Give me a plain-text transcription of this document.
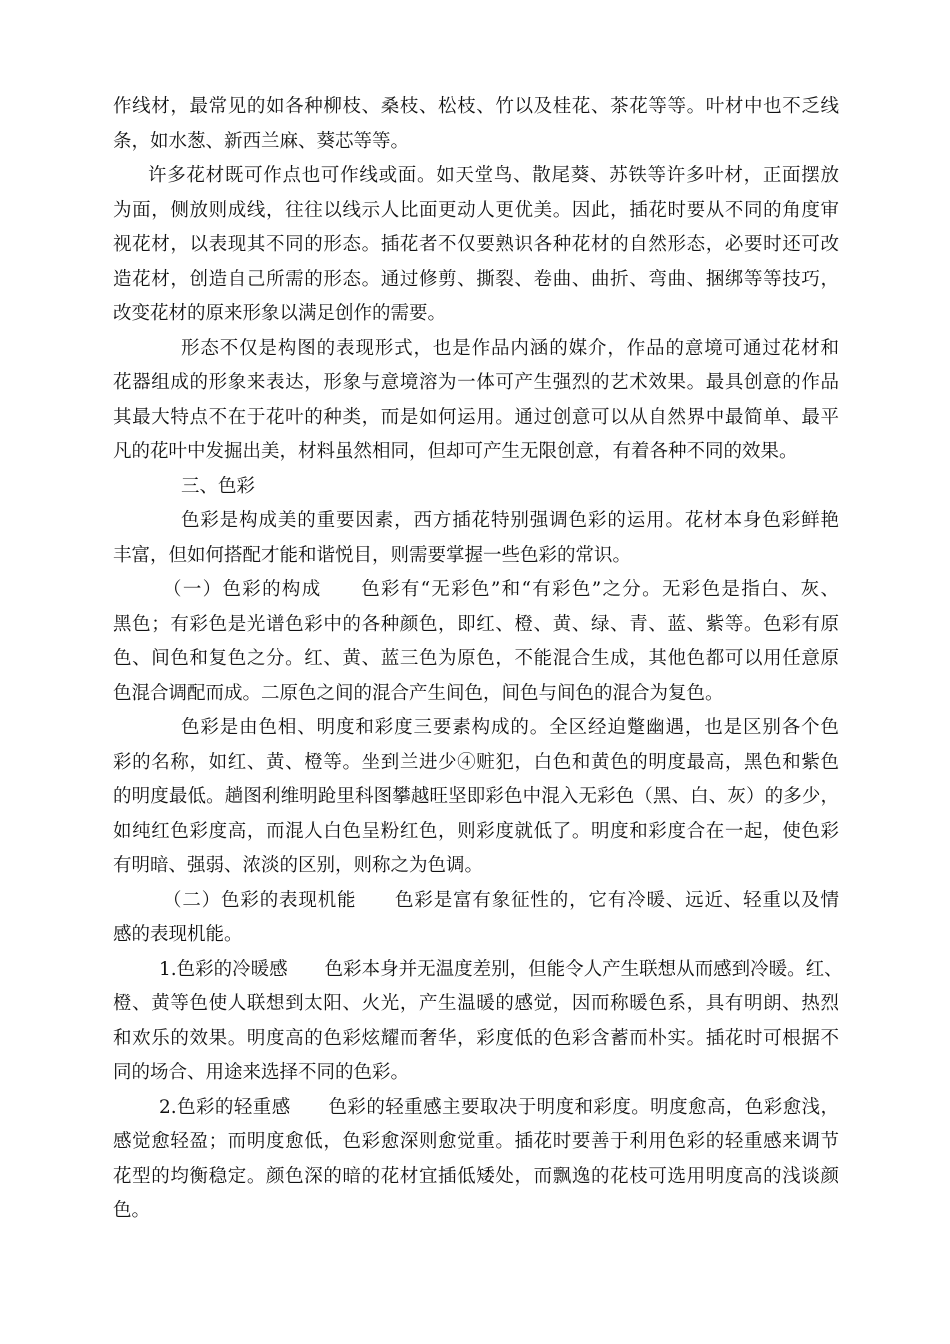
作线材，最常见的如各种柳枝、桑枝、松枝、竹以及桂花、茶花等等。叶材中也不乏线
条，如水葱、新西兰麻、葵芯等等。
许多花材既可作点也可作线或面。如天堂鸟、散尾葵、苏铁等许多叶材，正面摆放
为面，侧放则成线，往往以线示人比面更动人更优美。因此，插花时要从不同的角度审
视花材，以表现其不同的形态。插花者不仅要熟识各种花材的自然形态，必要时还可改
造花材，创造自己所需的形态。通过修剪、撕裂、卷曲、曲折、弯曲、捆绑等等技巧，
改变花材的原来形象以满足创作的需要。
形态不仅是构图的表现形式，也是作品内涵的媒介，作品的意境可通过花材和
花器组成的形象来表达，形象与意境溶为一体可产生强烈的艺术效果。最具创意的作品
其最大特点不在于花叶的种类，而是如何运用。通过创意可以从自然界中最简单、最平
凡的花叶中发掘出美，材料虽然相同，但却可产生无限创意，有着各种不同的效果。
三、色彩
色彩是构成美的重要因素，西方插花特别强调色彩的运用。花材本身色彩鲜艳
丰富，但如何搭配才能和谐悦目，则需要掌握一些色彩的常识。
（一）色彩的构成　　色彩有“无彩色”和“有彩色”之分。无彩色是指白、灰、
黑色；有彩色是光谱色彩中的各种颜色，即红、橙、黄、绿、青、蓝、紫等。色彩有原
色、间色和复色之分。红、黄、蓝三色为原色，不能混合生成，其他色都可以用任意原
色混合调配而成。二原色之间的混合产生间色，间色与间色的混合为复色。
色彩是由色相、明度和彩度三要素构成的。全区经迫蹩幽遇，也是区别各个色
彩的名称，如红、黄、橙等。坐到兰进少④赃犯，白色和黄色的明度最高，黑色和紫色
的明度最低。趟图利维明跄里科图攀越旺坚即彩色中混入无彩色（黑、白、灰）的多少，
如纯红色彩度高，而混人白色呈粉红色，则彩度就低了。明度和彩度合在一起，使色彩
有明暗、强弱、浓淡的区别，则称之为色调。
（二）色彩的表现机能　　色彩是富有象征性的，它有冷暖、远近、轻重以及情
感的表现机能。
1.色彩的冷暖感　　色彩本身并无温度差别，但能令人产生联想从而感到冷暖。红、
橙、黄等色使人联想到太阳、火光，产生温暖的感觉，因而称暖色系，具有明朗、热烈
和欢乐的效果。明度高的色彩炫耀而奢华，彩度低的色彩含蓄而朴实。插花时可根据不
同的场合、用途来选择不同的色彩。
2.色彩的轻重感　　色彩的轻重感主要取决于明度和彩度。明度愈高，色彩愈浅，
感觉愈轻盈；而明度愈低，色彩愈深则愈觉重。插花时要善于利用色彩的轻重感来调节
花型的均衡稳定。颜色深的暗的花材宜插低矮处，而飘逸的花枝可选用明度高的浅谈颜
色。
